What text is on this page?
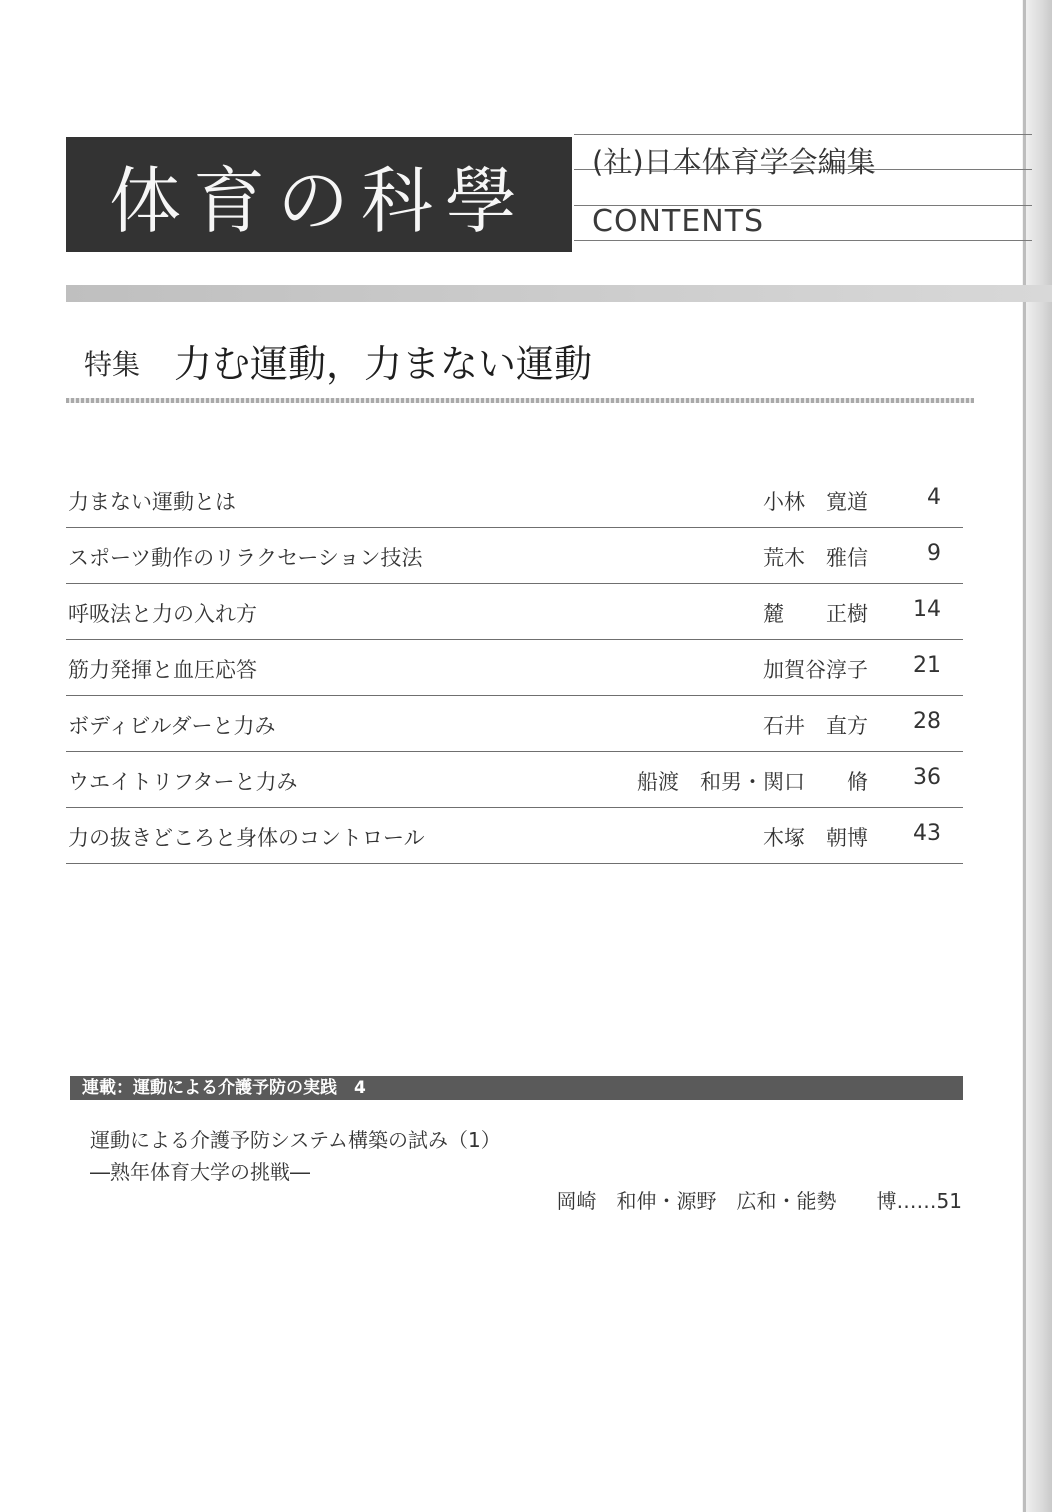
体育の科學 (社)日本体育学会編集
CONTENTS
特集 力む運動，力まない運動
力まない運動とは	小林　寛道	4
スポーツ動作のリラクセーション技法	荒木　雅信	9
呼吸法と力の入れ方	麓　　正樹	14
筋力発揮と血圧応答	加賀谷淳子	21
ボディビルダーと力み	石井　直方	28
ウエイトリフターと力み	船渡　和男・関口　　脩	36
力の抜きどころと身体のコントロール	木塚　朝博	43
連載：運動による介護予防の実践　4
運動による介護予防システム構築の試み（1）
―熟年体育大学の挑戦―
岡崎　和伸・源野　広和・能勢　　博……51
